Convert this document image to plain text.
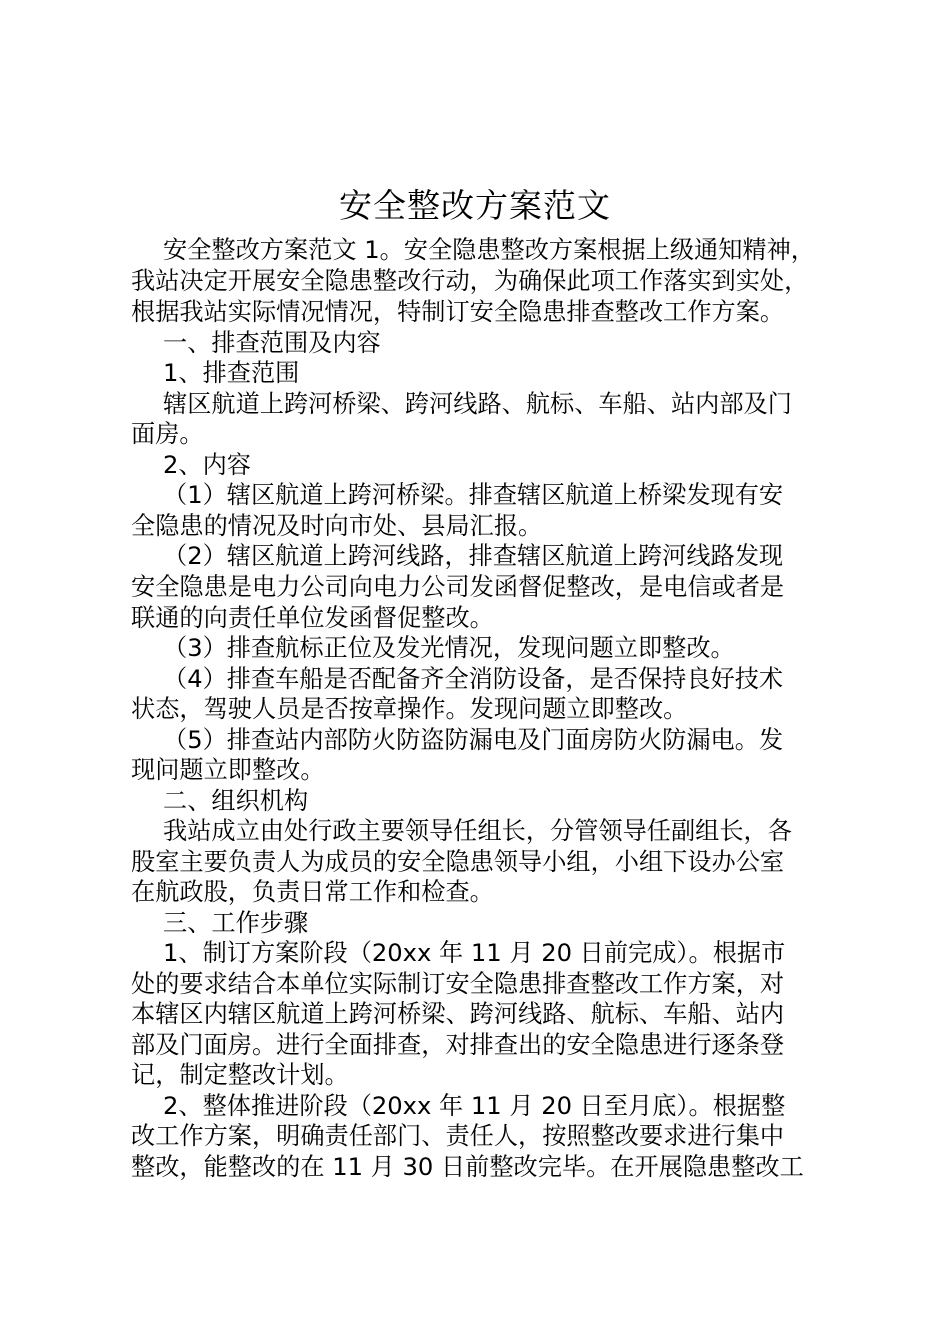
安全整改方案范文
安全整改方案范文 1。安全隐患整改方案根据上级通知精神，
我站决定开展安全隐患整改行动，为确保此项工作落实到实处，
根据我站实际情况情况，特制订安全隐患排查整改工作方案。
一、排查范围及内容
1、排查范围
辖区航道上跨河桥梁、跨河线路、航标、车船、站内部及门
面房。
2、内容
（1）辖区航道上跨河桥梁。排查辖区航道上桥梁发现有安
全隐患的情况及时向市处、县局汇报。
（2）辖区航道上跨河线路，排查辖区航道上跨河线路发现
安全隐患是电力公司向电力公司发函督促整改，是电信或者是
联通的向责任单位发函督促整改。
（3）排查航标正位及发光情况，发现问题立即整改。
（4）排查车船是否配备齐全消防设备，是否保持良好技术
状态，驾驶人员是否按章操作。发现问题立即整改。
（5）排查站内部防火防盗防漏电及门面房防火防漏电。发
现问题立即整改。
二、组织机构
我站成立由处行政主要领导任组长，分管领导任副组长，各
股室主要负责人为成员的安全隐患领导小组，小组下设办公室
在航政股，负责日常工作和检查。
三、工作步骤
1、制订方案阶段（20xx 年 11 月 20 日前完成）。根据市
处的要求结合本单位实际制订安全隐患排查整改工作方案，对
本辖区内辖区航道上跨河桥梁、跨河线路、航标、车船、站内
部及门面房。进行全面排查，对排查出的安全隐患进行逐条登
记，制定整改计划。
2、整体推进阶段（20xx 年 11 月 20 日至月底）。根据整
改工作方案，明确责任部门、责任人，按照整改要求进行集中
整改，能整改的在 11 月 30 日前整改完毕。在开展隐患整改工
